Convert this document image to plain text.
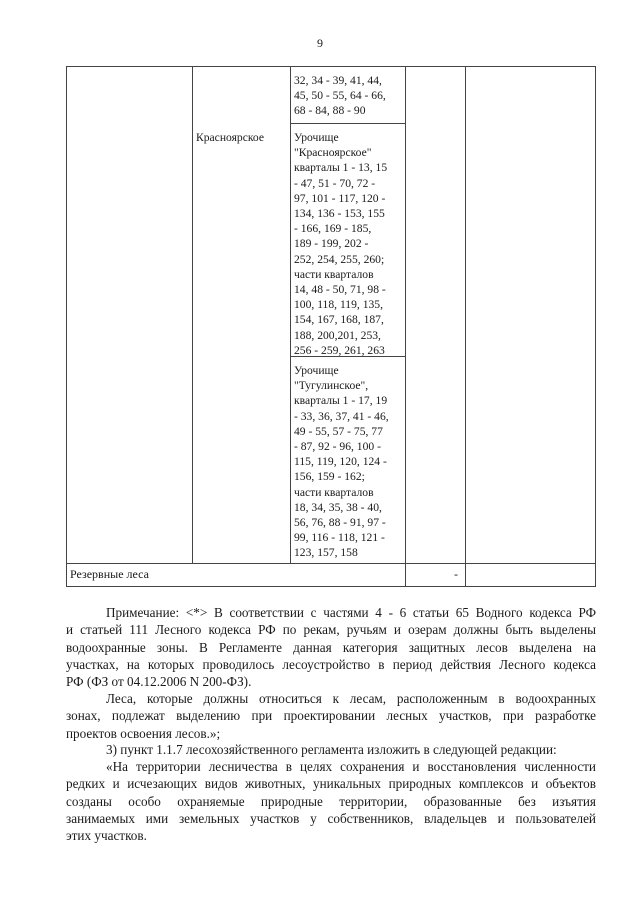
9
32, 34 - 39, 41, 44,
45, 50 - 55, 64 - 66,
68 - 84, 88 - 90
Красноярское	Урочище
"Красноярское"
кварталы 1 - 13, 15
- 47, 51 - 70, 72 -
97, 101 - 117, 120 -
134, 136 - 153, 155
- 166, 169 - 185,
189 - 199, 202 -
252, 254, 255, 260;
части кварталов
14, 48 - 50, 71, 98 -
100, 118, 119, 135,
154, 167, 168, 187,
188, 200,201, 253,
256 - 259, 261, 263
Урочище
"Тугулинское",
кварталы 1 - 17, 19
- 33, 36, 37, 41 - 46,
49 - 55, 57 - 75, 77
- 87, 92 - 96, 100 -
115, 119, 120, 124 -
156, 159 - 162;
части кварталов
18, 34, 35, 38 - 40,
56, 76, 88 - 91, 97 -
99, 116 - 118, 121 -
123, 157, 158
Резервные леса	-
Примечание: <*> В соответствии с частями 4 - 6 статьи 65 Водного кодекса РФ
и статьей 111 Лесного кодекса РФ по рекам, ручьям и озерам должны быть выделены
водоохранные зоны. В Регламенте данная категория защитных лесов выделена на
участках, на которых проводилось лесоустройство в период действия Лесного кодекса
РФ (ФЗ от 04.12.2006 N 200-ФЗ).
Леса, которые должны относиться к лесам, расположенным в водоохранных
зонах, подлежат выделению при проектировании лесных участков, при разработке
проектов освоения лесов.»;
3) пункт 1.1.7 лесохозяйственного регламента изложить в следующей редакции:
«На территории лесничества в целях сохранения и восстановления численности
редких и исчезающих видов животных, уникальных природных комплексов и объектов
созданы особо охраняемые природные территории, образованные без изъятия
занимаемых ими земельных участков у собственников, владельцев и пользователей
этих участков.
